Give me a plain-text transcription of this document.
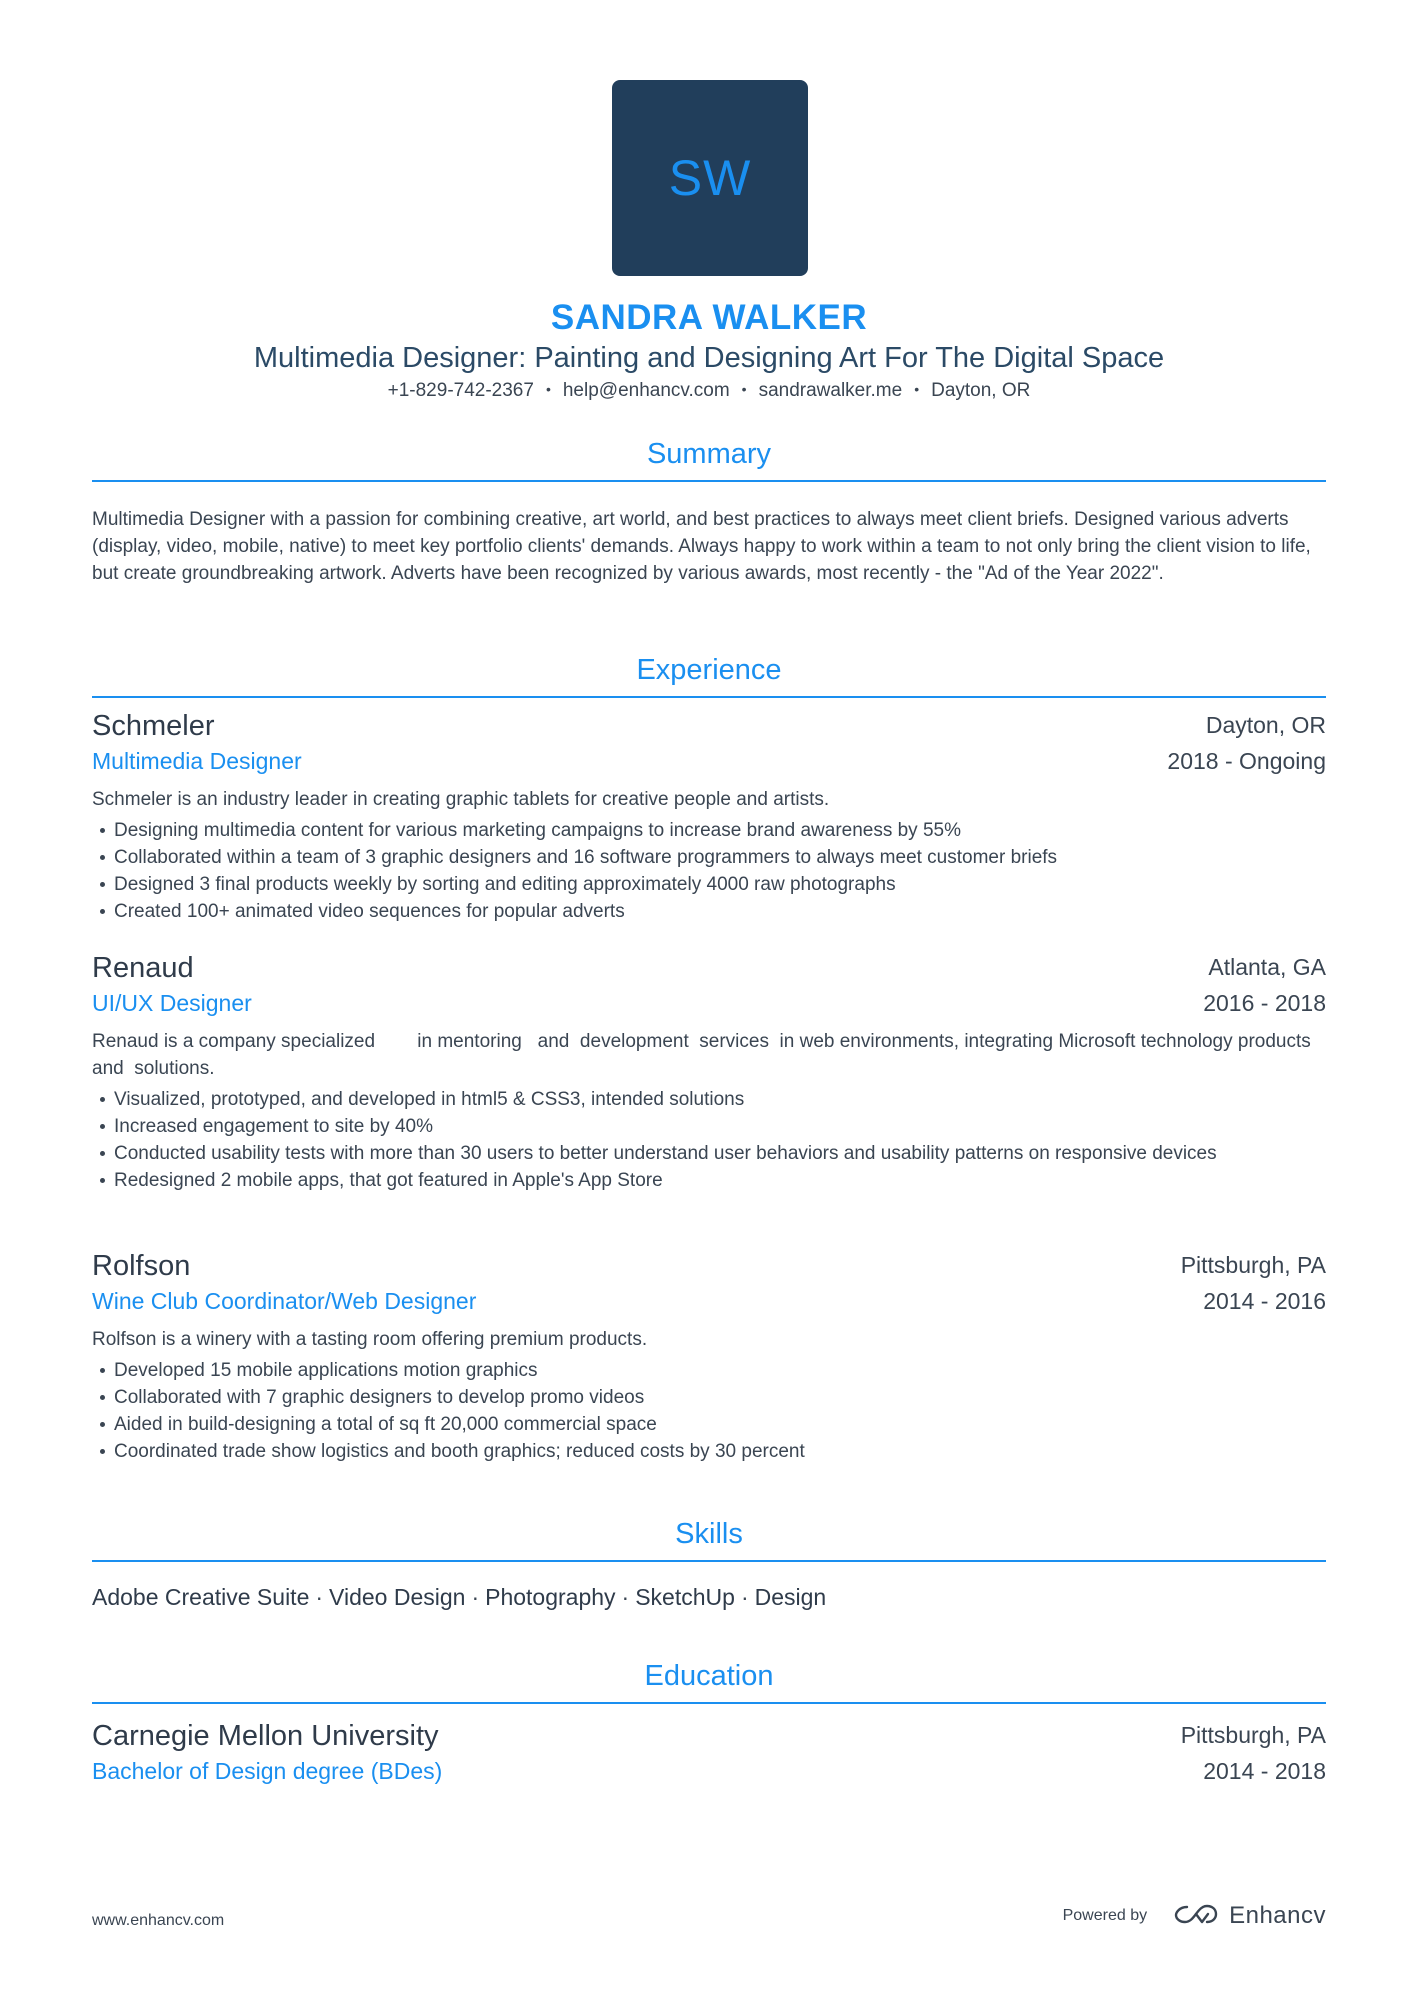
SW
SANDRA WALKER
Multimedia Designer: Painting and Designing Art For The Digital Space
+1-829-742-2367 • help@enhancv.com • sandrawalker.me • Dayton, OR
Summary
Multimedia Designer with a passion for combining creative, art world, and best practices to always meet client briefs. Designed various adverts (display, video, mobile, native) to meet key portfolio clients' demands. Always happy to work within a team to not only bring the client vision to life, but create groundbreaking artwork. Adverts have been recognized by various awards, most recently - the "Ad of the Year 2022".
Experience
Schmeler	Dayton, OR
Multimedia Designer	2018 - Ongoing
Schmeler is an industry leader in creating graphic tablets for creative people and artists.
Designing multimedia content for various marketing campaigns to increase brand awareness by 55%
Collaborated within a team of 3 graphic designers and 16 software programmers to always meet customer briefs
Designed 3 final products weekly by sorting and editing approximately 4000 raw photographs
Created 100+ animated video sequences for popular adverts
Renaud	Atlanta, GA
UI/UX Designer	2016 - 2018
Renaud is a company specialized        in mentoring   and  development  services  in web environments, integrating Microsoft technology products     and  solutions.
Visualized, prototyped, and developed in html5 & CSS3, intended solutions
Increased engagement to site by 40%
Conducted usability tests with more than 30 users to better understand user behaviors and usability patterns on responsive devices
Redesigned 2 mobile apps, that got featured in Apple's App Store
Rolfson	Pittsburgh, PA
Wine Club Coordinator/Web Designer	2014 - 2016
Rolfson is a winery with a tasting room offering premium products.
Developed 15 mobile applications motion graphics
Collaborated with 7 graphic designers to develop promo videos
Aided in build-designing a total of sq ft 20,000 commercial space
Coordinated trade show logistics and booth graphics; reduced costs by 30 percent
Skills
Adobe Creative Suite · Video Design · Photography · SketchUp · Design
Education
Carnegie Mellon University	Pittsburgh, PA
Bachelor of Design degree (BDes)	2014 - 2018
www.enhancv.com	Powered by	Enhancv
